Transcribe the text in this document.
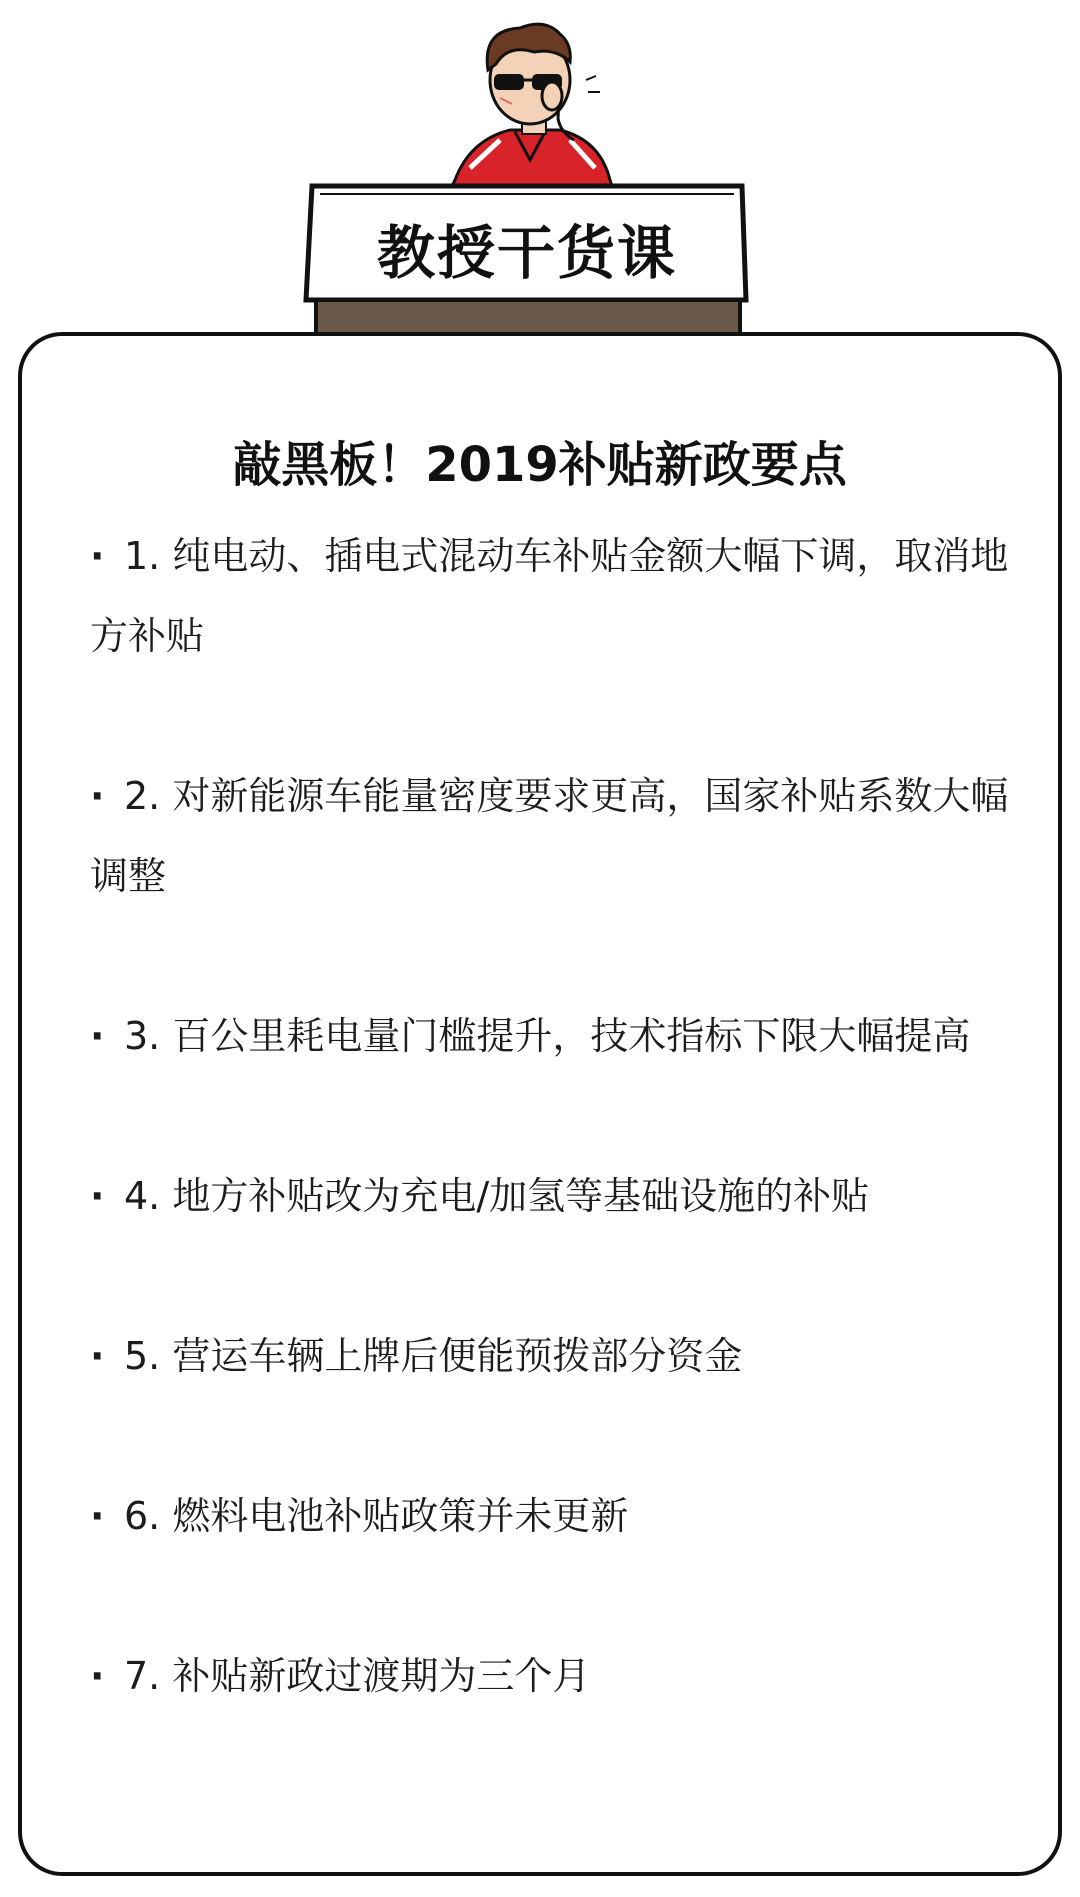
教授干货课
敲黑板！2019补贴新政要点
· 1. 纯电动、插电式混动车补贴金额大幅下调，取消地方补贴
· 2. 对新能源车能量密度要求更高，国家补贴系数大幅调整
· 3. 百公里耗电量门槛提升，技术指标下限大幅提高
· 4. 地方补贴改为充电/加氢等基础设施的补贴
· 5. 营运车辆上牌后便能预拨部分资金
· 6. 燃料电池补贴政策并未更新
· 7. 补贴新政过渡期为三个月
